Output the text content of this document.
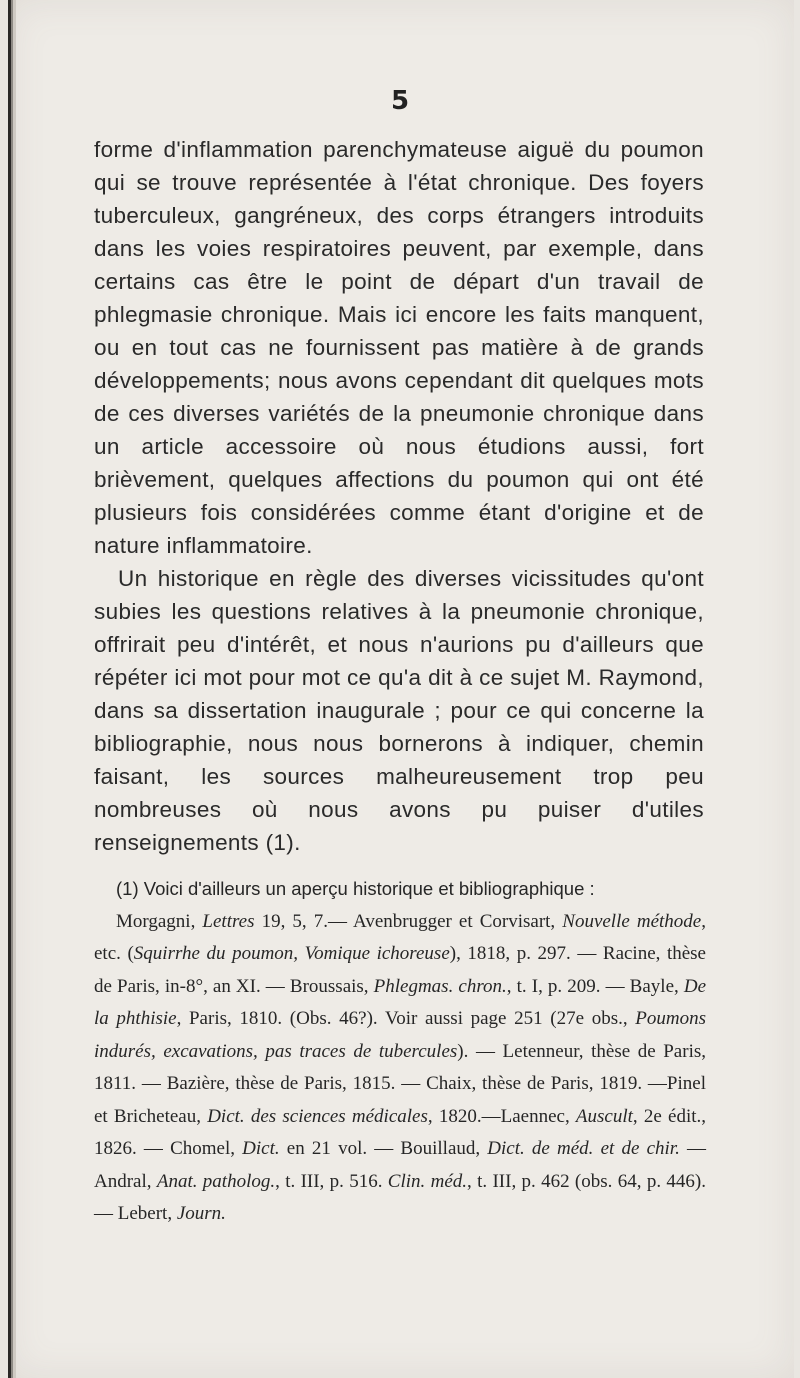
5

forme d'inflammation parenchymateuse aiguë du poumon qui se trouve représentée à l'état chronique. Des foyers tuberculeux, gangréneux, des corps étrangers introduits dans les voies respiratoires peuvent, par exemple, dans certains cas être le point de départ d'un travail de phlegmasie chronique. Mais ici encore les faits manquent, ou en tout cas ne fournissent pas matière à de grands développements; nous avons cependant dit quelques mots de ces diverses variétés de la pneumonie chronique dans un article accessoire où nous étudions aussi, fort brièvement, quelques affections du poumon qui ont été plusieurs fois considérées comme étant d'origine et de nature inflammatoire.

Un historique en règle des diverses vicissitudes qu'ont subies les questions relatives à la pneumonie chronique, offrirait peu d'intérêt, et nous n'aurions pu d'ailleurs que répéter ici mot pour mot ce qu'a dit à ce sujet M. Raymond, dans sa dissertation inaugurale ; pour ce qui concerne la bibliographie, nous nous bornerons à indiquer, chemin faisant, les sources malheureusement trop peu nombreuses où nous avons pu puiser d'utiles renseignements (1).

(1) Voici d'ailleurs un aperçu historique et bibliographique :

Morgagni, Lettres 19, 5, 7.— Avenbrugger et Corvisart, Nouvelle méthode, etc. (Squirrhe du poumon, Vomique ichoreuse), 1818, p. 297. — Racine, thèse de Paris, in-8°, an XI. — Broussais, Phlegmas. chron., t. I, p. 209. — Bayle, De la phthisie, Paris, 1810. (Obs. 46?). Voir aussi page 251 (27e obs., Poumons indurés, excavations, pas traces de tubercules). — Letenneur, thèse de Paris, 1811. — Bazière, thèse de Paris, 1815. — Chaix, thèse de Paris, 1819. —Pinel et Bricheteau, Dict. des sciences médicales, 1820.—Laennec, Auscult, 2e édit., 1826. — Chomel, Dict. en 21 vol. — Bouillaud, Dict. de méd. et de chir. —Andral, Anat. patholog., t. III, p. 516. Clin. méd., t. III, p. 462 (obs. 64, p. 446). — Lebert, Journ.
